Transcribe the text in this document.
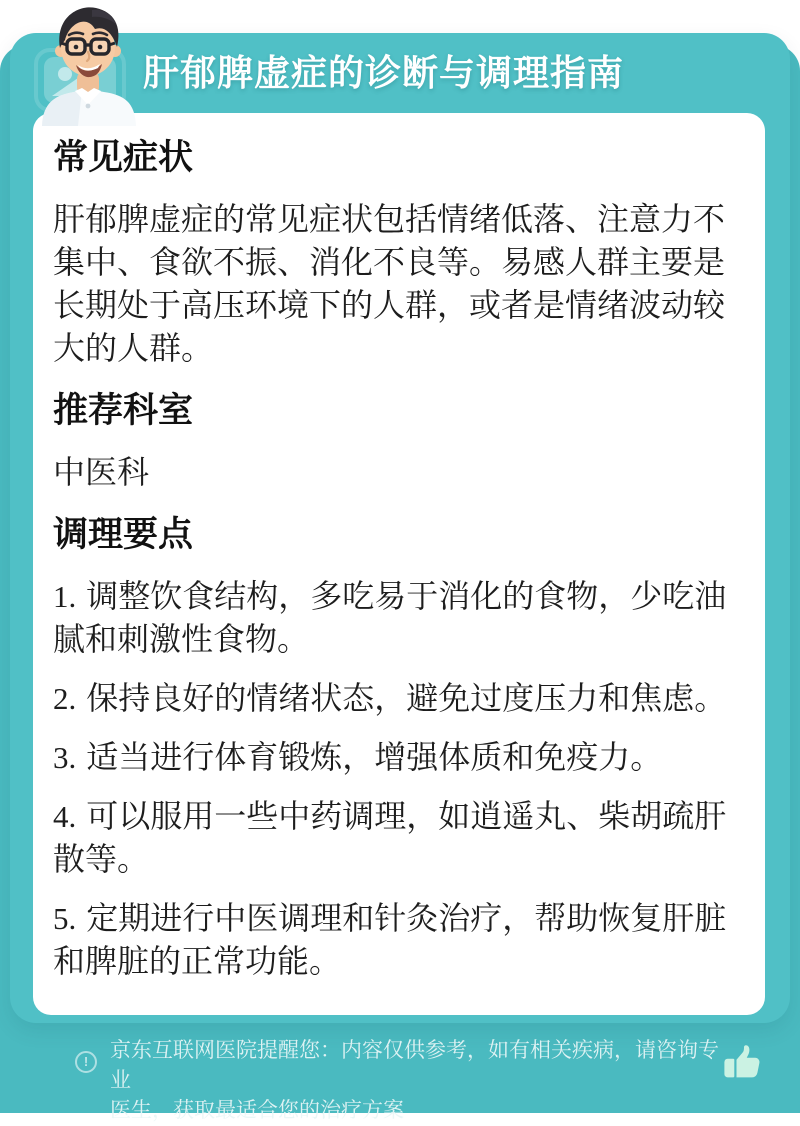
肝郁脾虚症的诊断与调理指南
常见症状
肝郁脾虚症的常见症状包括情绪低落、注意力不
集中、食欲不振、消化不良等。易感人群主要是
长期处于高压环境下的人群，或者是情绪波动较
大的人群。
推荐科室
中医科
调理要点
1. 调整饮食结构，多吃易于消化的食物，少吃油
腻和刺激性食物。
2. 保持良好的情绪状态，避免过度压力和焦虑。
3. 适当进行体育锻炼，增强体质和免疫力。
4. 可以服用一些中药调理，如逍遥丸、柴胡疏肝
散等。
5. 定期进行中医调理和针灸治疗，帮助恢复肝脏
和脾脏的正常功能。
!	京东互联网医院提醒您：内容仅供参考，如有相关疾病，请咨询专业
医生，获取最适合您的治疗方案
